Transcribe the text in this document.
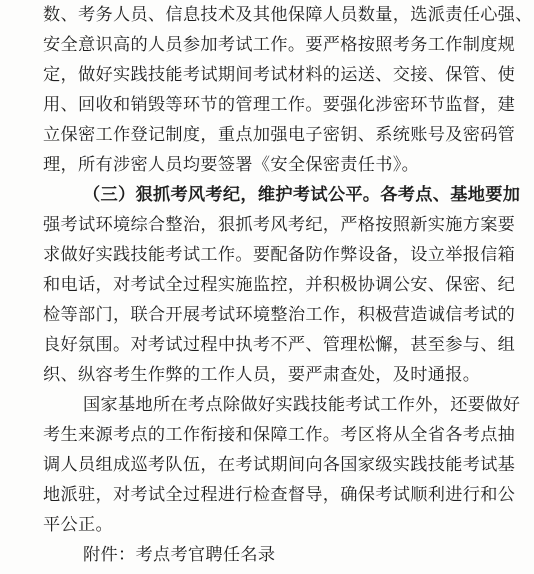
数、考务人员、信息技术及其他保障人员数量，选派责任心强、
安全意识高的人员参加考试工作。要严格按照考务工作制度规
定，做好实践技能考试期间考试材料的运送、交接、保管、使
用、回收和销毁等环节的管理工作。要强化涉密环节监督，建
立保密工作登记制度，重点加强电子密钥、系统账号及密码管
理，所有涉密人员均要签署《安全保密责任书》。
（三）狠抓考风考纪，维护考试公平。各考点、基地要加
强考试环境综合整治，狠抓考风考纪，严格按照新实施方案要
求做好实践技能考试工作。要配备防作弊设备，设立举报信箱
和电话，对考试全过程实施监控，并积极协调公安、保密、纪
检等部门，联合开展考试环境整治工作，积极营造诚信考试的
良好氛围。对考试过程中执考不严、管理松懈，甚至参与、组
织、纵容考生作弊的工作人员，要严肃查处，及时通报。
国家基地所在考点除做好实践技能考试工作外，还要做好
考生来源考点的工作衔接和保障工作。考区将从全省各考点抽
调人员组成巡考队伍，在考试期间向各国家级实践技能考试基
地派驻，对考试全过程进行检查督导，确保考试顺利进行和公
平公正。
附件：考点考官聘任名录
